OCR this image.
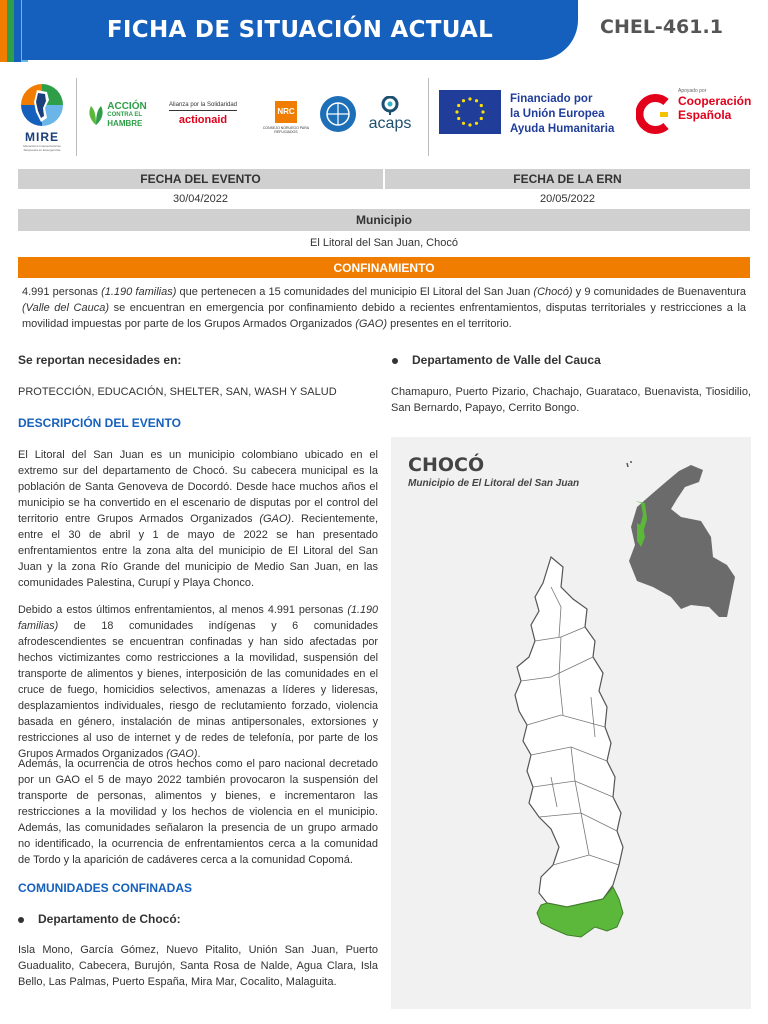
FICHA DE SITUACIÓN ACTUAL	CHEL-461.1
MIRE
Mecanismo Intersectorial de Respuesta en Emergencias
ACCIÓN
CONTRA EL
HAMBRE
Alianza por la Solidaridad
actionaid
NRC
CONSEJO NORUEGO PARA REFUGIADOS	acaps
Financiado por
la Unión Europea
Ayuda Humanitaria
Apoyado por
Cooperación
Española
FECHA DEL EVENTO	FECHA DE LA ERN
30/04/2022	20/05/2022
Municipio
El Litoral del San Juan, Chocó
CONFINAMIENTO
4.991 personas (1.190 familias) que pertenecen a 15 comunidades del municipio El Litoral del San Juan (Chocó) y 9 comunidades de Buenaventura (Valle del Cauca) se encuentran en emergencia por confinamiento debido a recientes enfrentamientos, disputas territoriales y restricciones a la movilidad impuestas por parte de los Grupos Armados Organizados (GAO) presentes en el territorio.
Se reportan necesidades en:
PROTECCIÓN, EDUCACIÓN, SHELTER, SAN, WASH Y SALUD
DESCRIPCIÓN DEL EVENTO
El Litoral del San Juan es un municipio colombiano ubicado en el extremo sur del departamento de Chocó. Su cabecera municipal es la población de Santa Genoveva de Docordó. Desde hace muchos años el municipio se ha convertido en el escenario de disputas por el control del territorio entre Grupos Armados Organizados (GAO). Recientemente, entre el 30 de abril y 1 de mayo de 2022 se han presentado enfrentamientos entre la zona alta del municipio de El Litoral del San Juan y la zona Río Grande del municipio de Medio San Juan, en las comunidades Palestina, Curupí y Playa Chonco.
Debido a estos últimos enfrentamientos, al menos 4.991 personas (1.190 familias) de 18 comunidades indígenas y 6 comunidades afrodescendientes se encuentran confinadas y han sido afectadas por hechos victimizantes como restricciones a la movilidad, suspensión del transporte de alimentos y bienes, interposición de las comunidades en el cruce de fuego, homicidios selectivos, amenazas a líderes y lideresas, desplazamientos individuales, riesgo de reclutamiento forzado, violencia basada en género, instalación de minas antipersonales, extorsiones y restricciones al uso de internet y de redes de telefonía, por parte de los Grupos Armados Organizados (GAO).
Además, la ocurrencia de otros hechos como el paro nacional decretado por un GAO el 5 de mayo 2022 también provocaron la suspensión del transporte de personas, alimentos y bienes, e incrementaron las restricciones a la movilidad y los hechos de violencia en el municipio. Además, las comunidades señalaron la presencia de un grupo armado no identificado, la ocurrencia de enfrentamientos cerca a la comunidad de Tordo y la aparición de cadáveres cerca a la comunidad Copomá.
COMUNIDADES CONFINADAS
Departamento de Chocó:
Isla Mono, García Gómez, Nuevo Pitalito, Unión San Juan, Puerto Guadualito, Cabecera, Burujón, Santa Rosa de Nalde, Agua Clara, Isla Bello, Las Palmas, Puerto España, Mira Mar, Cocalito, Malaguita.
Departamento de Valle del Cauca
Chamapuro, Puerto Pizario, Chachajo, Guarataco, Buenavista, Tiosidilio, San Bernardo, Papayo, Cerrito Bongo.
CHOCÓ
Municipio de El Litoral del San Juan
